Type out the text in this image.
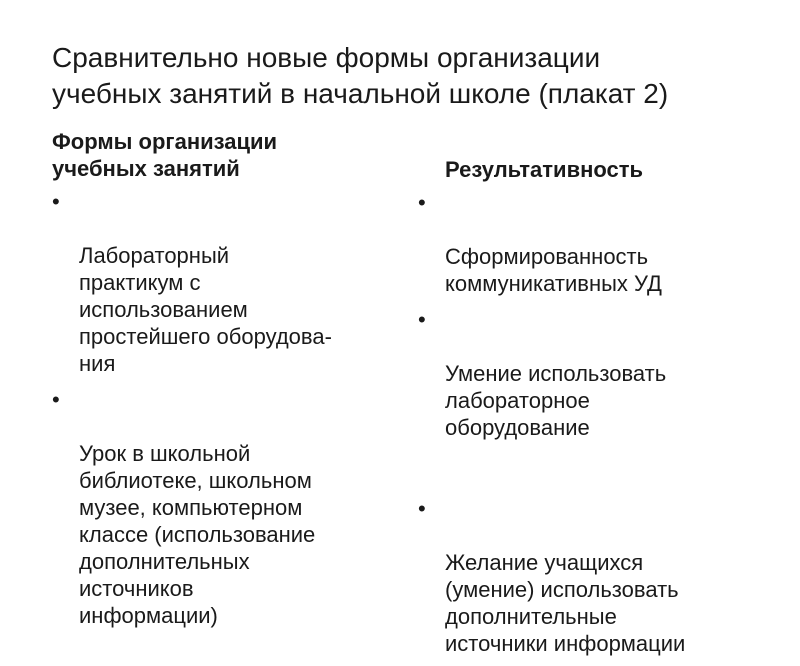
Сравнительно новые формы организации
учебных занятий в начальной школе (плакат 2)
Формы организации
учебных занятий

•

Лабораторный
практикум с
использованием
простейшего оборудова-
ния

•

Урок в школьной
библиотеке, школьном
музее, компьютерном
классе (использование
дополнительных
источников
информации)

Результативность

•

Сформированность
коммуникативных УД

•

Умение использовать
лабораторное
оборудование

•

Желание учащихся
(умение) использовать
дополнительные
источники информации
